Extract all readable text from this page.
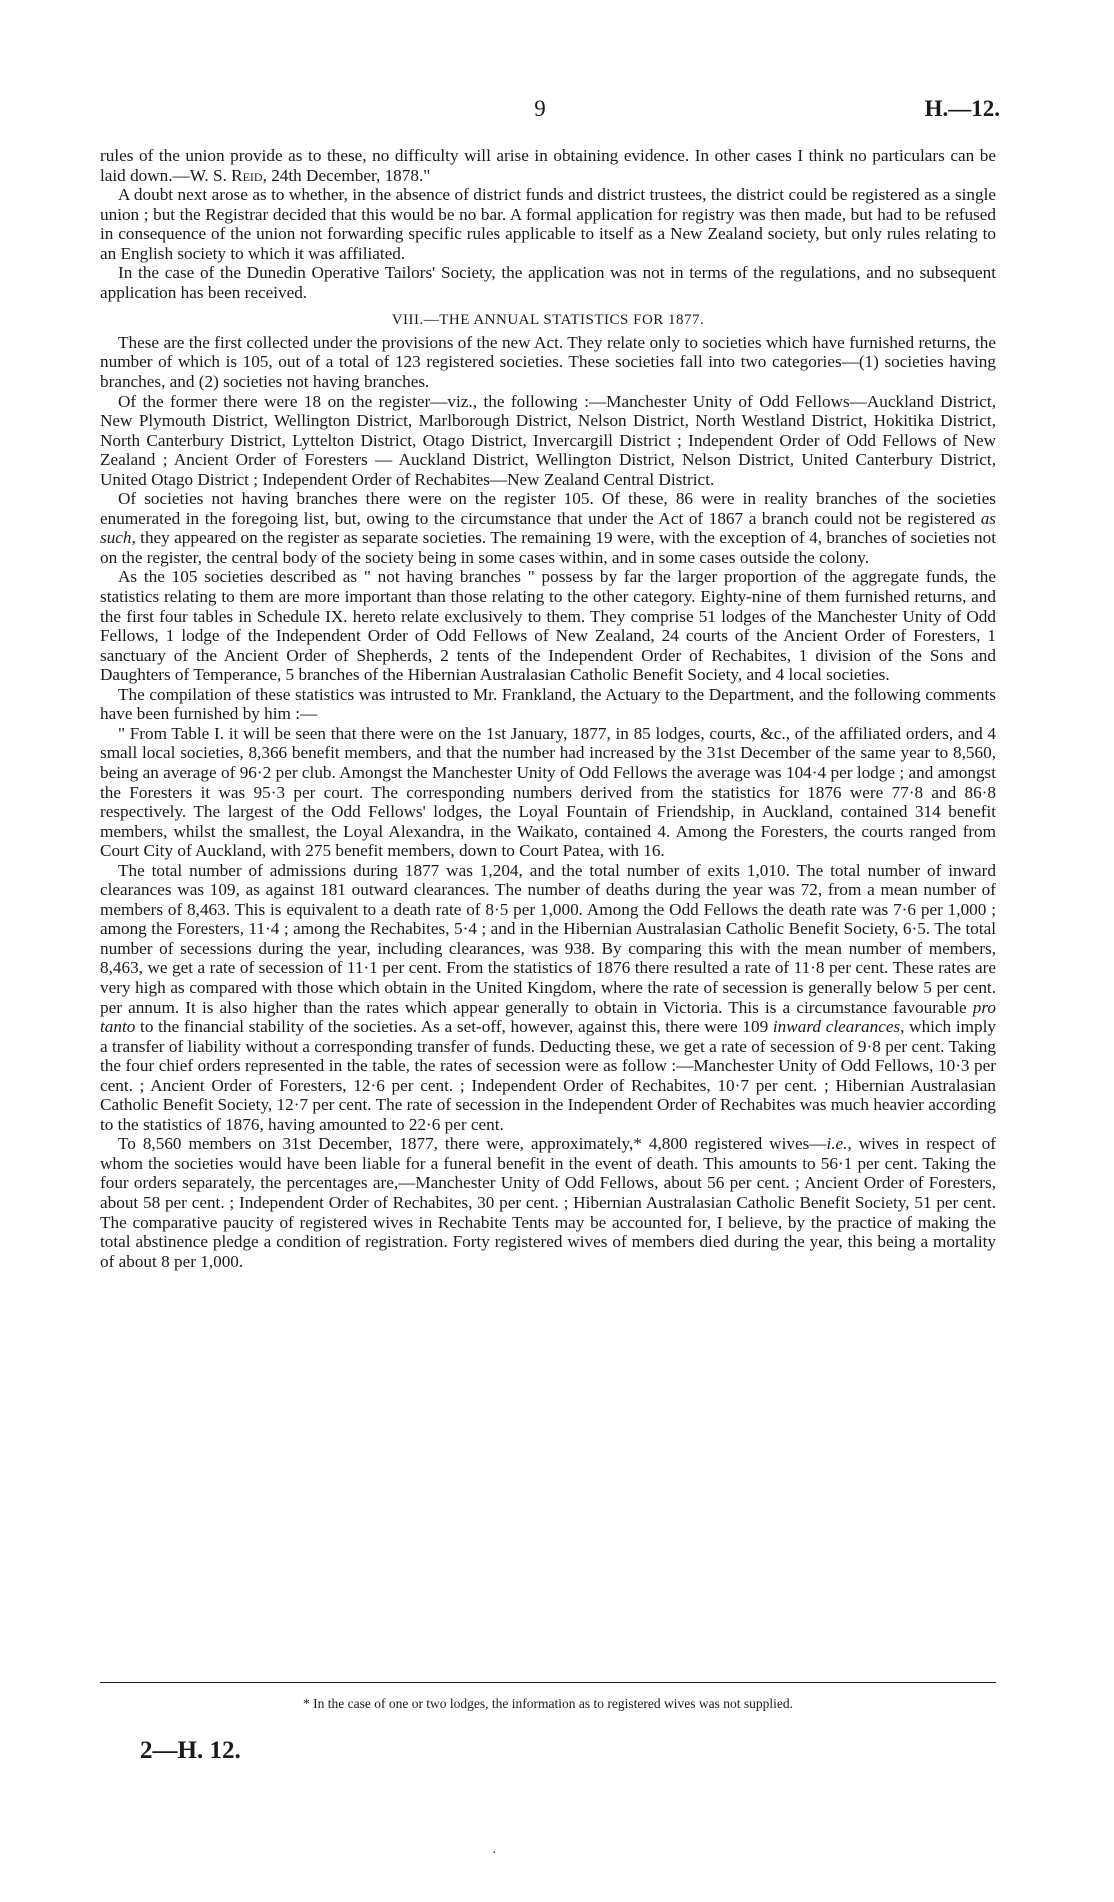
9	H.—12.

rules of the union provide as to these, no difficulty will arise in obtaining evidence. In other cases I think no particulars can be laid down.—W. S. Reid, 24th December, 1878."

A doubt next arose as to whether, in the absence of district funds and district trustees, the district could be registered as a single union ; but the Registrar decided that this would be no bar. A formal application for registry was then made, but had to be refused in consequence of the union not forwarding specific rules applicable to itself as a New Zealand society, but only rules relating to an English society to which it was affiliated.

In the case of the Dunedin Operative Tailors' Society, the application was not in terms of the regulations, and no subsequent application has been received.

VIII.—THE ANNUAL STATISTICS FOR 1877.

These are the first collected under the provisions of the new Act. They relate only to societies which have furnished returns, the number of which is 105, out of a total of 123 registered societies. These societies fall into two categories—(1) societies having branches, and (2) societies not having branches.

Of the former there were 18 on the register—viz., the following :—Manchester Unity of Odd Fellows—Auckland District, New Plymouth District, Wellington District, Marlborough District, Nelson District, North Westland District, Hokitika District, North Canterbury District, Lyttelton District, Otago District, Invercargill District ; Independent Order of Odd Fellows of New Zealand ; Ancient Order of Foresters — Auckland District, Wellington District, Nelson District, United Canterbury District, United Otago District ; Independent Order of Rechabites—New Zealand Central District.

Of societies not having branches there were on the register 105. Of these, 86 were in reality branches of the societies enumerated in the foregoing list, but, owing to the circumstance that under the Act of 1867 a branch could not be registered as such, they appeared on the register as separate societies. The remaining 19 were, with the exception of 4, branches of societies not on the register, the central body of the society being in some cases within, and in some cases outside the colony.

As the 105 societies described as " not having branches " possess by far the larger proportion of the aggregate funds, the statistics relating to them are more important than those relating to the other category. Eighty-nine of them furnished returns, and the first four tables in Schedule IX. hereto relate exclusively to them. They comprise 51 lodges of the Manchester Unity of Odd Fellows, 1 lodge of the Independent Order of Odd Fellows of New Zealand, 24 courts of the Ancient Order of Foresters, 1 sanctuary of the Ancient Order of Shepherds, 2 tents of the Independent Order of Rechabites, 1 division of the Sons and Daughters of Temperance, 5 branches of the Hibernian Australasian Catholic Benefit Society, and 4 local societies.

The compilation of these statistics was intrusted to Mr. Frankland, the Actuary to the Department, and the following comments have been furnished by him :—

" From Table I. it will be seen that there were on the 1st January, 1877, in 85 lodges, courts, &c., of the affiliated orders, and 4 small local societies, 8,366 benefit members, and that the number had increased by the 31st December of the same year to 8,560, being an average of 96·2 per club. Amongst the Manchester Unity of Odd Fellows the average was 104·4 per lodge ; and amongst the Foresters it was 95·3 per court. The corresponding numbers derived from the statistics for 1876 were 77·8 and 86·8 respectively. The largest of the Odd Fellows' lodges, the Loyal Fountain of Friendship, in Auckland, contained 314 benefit members, whilst the smallest, the Loyal Alexandra, in the Waikato, contained 4. Among the Foresters, the courts ranged from Court City of Auckland, with 275 benefit members, down to Court Patea, with 16.

The total number of admissions during 1877 was 1,204, and the total number of exits 1,010. The total number of inward clearances was 109, as against 181 outward clearances. The number of deaths during the year was 72, from a mean number of members of 8,463. This is equivalent to a death rate of 8·5 per 1,000. Among the Odd Fellows the death rate was 7·6 per 1,000 ; among the Foresters, 11·4 ; among the Rechabites, 5·4 ; and in the Hibernian Australasian Catholic Benefit Society, 6·5. The total number of secessions during the year, including clearances, was 938. By comparing this with the mean number of members, 8,463, we get a rate of secession of 11·1 per cent. From the statistics of 1876 there resulted a rate of 11·8 per cent. These rates are very high as compared with those which obtain in the United Kingdom, where the rate of secession is generally below 5 per cent. per annum. It is also higher than the rates which appear generally to obtain in Victoria. This is a circumstance favourable pro tanto to the financial stability of the societies. As a set-off, however, against this, there were 109 inward clearances, which imply a transfer of liability without a corresponding transfer of funds. Deducting these, we get a rate of secession of 9·8 per cent. Taking the four chief orders represented in the table, the rates of secession were as follow :—Manchester Unity of Odd Fellows, 10·3 per cent. ; Ancient Order of Foresters, 12·6 per cent. ; Independent Order of Rechabites, 10·7 per cent. ; Hibernian Australasian Catholic Benefit Society, 12·7 per cent. The rate of secession in the Independent Order of Rechabites was much heavier according to the statistics of 1876, having amounted to 22·6 per cent.

To 8,560 members on 31st December, 1877, there were, approximately,* 4,800 registered wives—i.e., wives in respect of whom the societies would have been liable for a funeral benefit in the event of death. This amounts to 56·1 per cent. Taking the four orders separately, the percentages are,—Manchester Unity of Odd Fellows, about 56 per cent. ; Ancient Order of Foresters, about 58 per cent. ; Independent Order of Rechabites, 30 per cent. ; Hibernian Australasian Catholic Benefit Society, 51 per cent. The comparative paucity of registered wives in Rechabite Tents may be accounted for, I believe, by the practice of making the total abstinence pledge a condition of registration. Forty registered wives of members died during the year, this being a mortality of about 8 per 1,000.

* In the case of one or two lodges, the information as to registered wives was not supplied.
2—H. 12.
·
